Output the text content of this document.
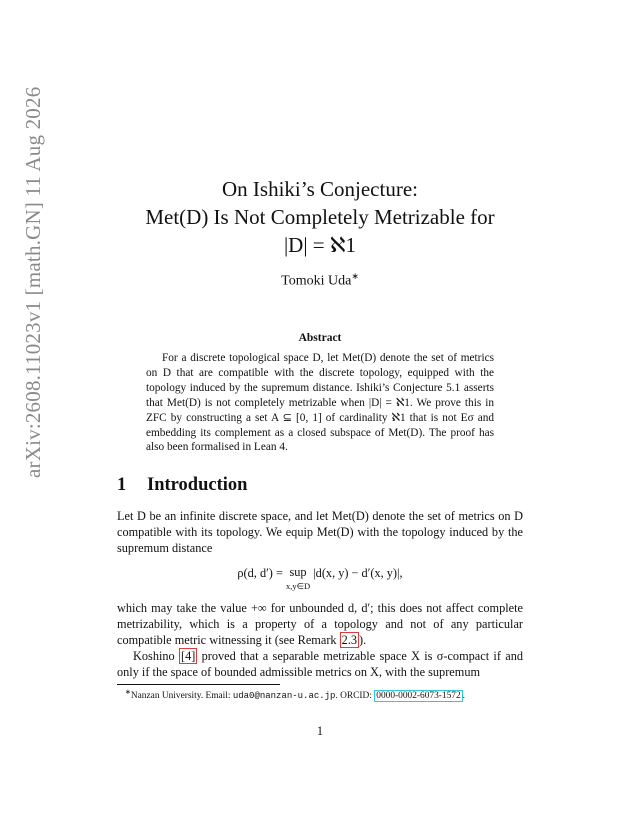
arXiv:2608.11023v1 [math.GN] 11 Aug 2026	On Ishiki’s Conjecture:
Met(D) Is Not Completely Metrizable for
|D| = ℵ1
Tomoki Uda∗
Abstract
For a discrete topological space D, let Met(D) denote the set of metrics on D that are compatible with the discrete topology, equipped with the topology induced by the supremum distance. Ishiki’s Conjecture 5.1 asserts that Met(D) is not completely metrizable when |D| = ℵ1. We prove this in ZFC by constructing a set A ⊆ [0, 1] of cardinality ℵ1 that is not Eσ and embedding its complement as a closed subspace of Met(D). The proof has also been formalised in Lean 4.
1 Introduction
Let D be an infinite discrete space, and let Met(D) denote the set of metrics on D compatible with its topology. We equip Met(D) with the topology induced by the supremum distance
ρ(d, d′) = sup
x,y∈D |d(x, y) − d′(x, y)|,
which may take the value +∞ for unbounded d, d′; this does not affect complete metrizability, which is a property of a topology and not of any particular compatible metric witnessing it (see Remark 2.3 ).
Koshino [4] proved that a separable metrizable space X is σ-compact if and only if the space of bounded admissible metrics on X, with the supremum
∗Nanzan University. Email: uda0@nanzan-u.ac.jp. ORCID: 0000-0002-6073-1572 .
1
